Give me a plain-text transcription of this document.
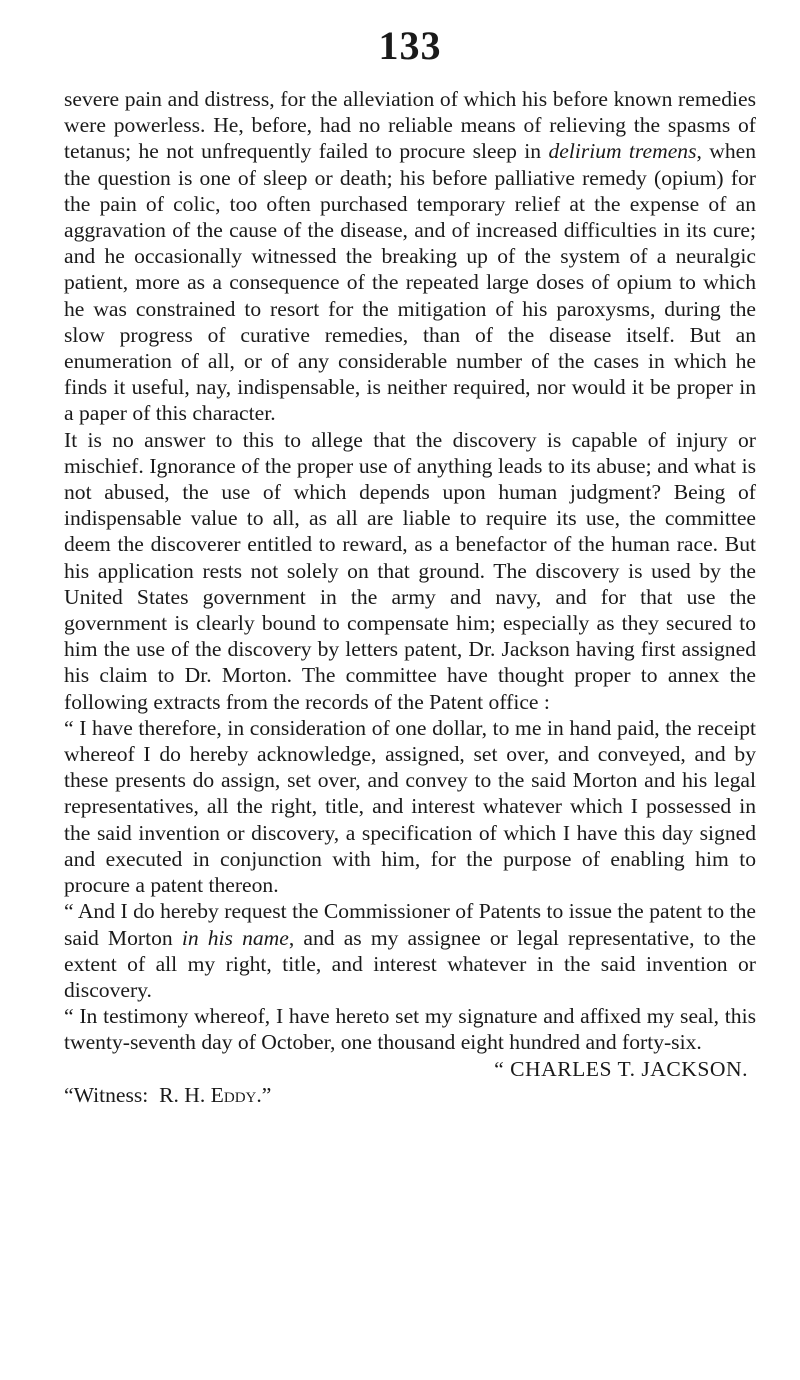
133

severe pain and distress, for the alleviation of which his before known remedies were powerless. He, before, had no reliable means of relieving the spasms of tetanus; he not unfrequently failed to procure sleep in delirium tremens, when the question is one of sleep or death; his before palliative remedy (opium) for the pain of colic, too often purchased temporary relief at the expense of an aggravation of the cause of the disease, and of increased difficulties in its cure; and he occasionally witnessed the breaking up of the system of a neuralgic patient, more as a consequence of the repeated large doses of opium to which he was constrained to resort for the mitigation of his paroxysms, during the slow progress of curative remedies, than of the disease itself. But an enumeration of all, or of any considerable number of the cases in which he finds it useful, nay, indispensable, is neither required, nor would it be proper in a paper of this character.

It is no answer to this to allege that the discovery is capable of injury or mischief. Ignorance of the proper use of anything leads to its abuse; and what is not abused, the use of which depends upon human judgment? Being of indispensable value to all, as all are liable to require its use, the committee deem the discoverer entitled to reward, as a benefactor of the human race. But his application rests not solely on that ground. The discovery is used by the United States government in the army and navy, and for that use the government is clearly bound to compensate him; especially as they secured to him the use of the discovery by letters patent, Dr. Jackson having first assigned his claim to Dr. Morton. The committee have thought proper to annex the following extracts from the records of the Patent office :

“ I have therefore, in consideration of one dollar, to me in hand paid, the receipt whereof I do hereby acknowledge, assigned, set over, and conveyed, and by these presents do assign, set over, and convey to the said Morton and his legal representatives, all the right, title, and interest whatever which I possessed in the said invention or discovery, a specification of which I have this day signed and executed in conjunction with him, for the purpose of enabling him to procure a patent thereon.

“ And I do hereby request the Commissioner of Patents to issue the patent to the said Morton in his name, and as my assignee or legal representative, to the extent of all my right, title, and interest whatever in the said invention or discovery.

“ In testimony whereof, I have hereto set my signature and affixed my seal, this twenty-seventh day of October, one thousand eight hundred and forty-six.

“ CHARLES T. JACKSON.

“Witness: R. H. Eddy.”
